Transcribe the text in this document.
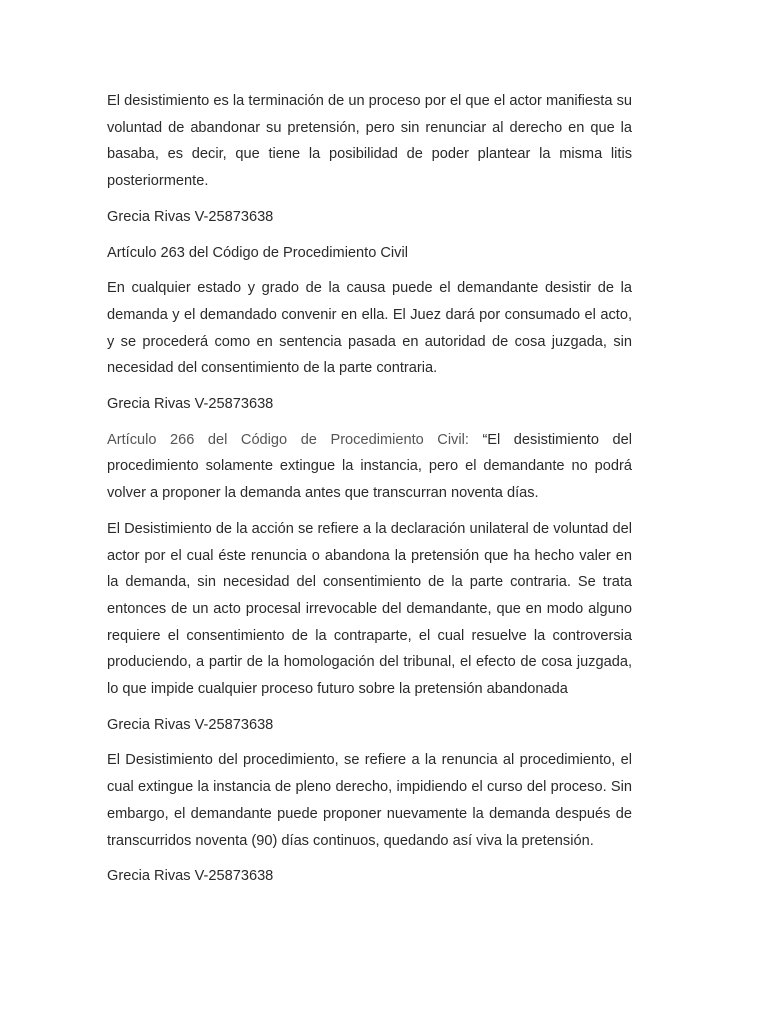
El desistimiento es la terminación de un proceso por el que el actor manifiesta su voluntad de abandonar su pretensión, pero sin renunciar al derecho en que la basaba, es decir, que tiene la posibilidad de poder plantear la misma litis posteriormente.

Grecia Rivas V-25873638
Artículo 263 del Código de Procedimiento Civil

En cualquier estado y grado de la causa puede el demandante desistir de la demanda y el demandado convenir en ella. El Juez dará por consumado el acto, y se procederá como en sentencia pasada en autoridad de cosa juzgada, sin necesidad del consentimiento de la parte contraria.

Grecia Rivas V-25873638

Artículo 266 del Código de Procedimiento Civil: “El desistimiento del procedimiento solamente extingue la instancia, pero el demandante no podrá volver a proponer la demanda antes que transcurran noventa días.

El Desistimiento de la acción se refiere a la declaración unilateral de voluntad del actor por el cual éste renuncia o abandona la pretensión que ha hecho valer en la demanda, sin necesidad del consentimiento de la parte contraria. Se trata entonces de un acto procesal irrevocable del demandante, que en modo alguno requiere el consentimiento de la contraparte, el cual resuelve la controversia produciendo, a partir de la homologación del tribunal, el efecto de cosa juzgada, lo que impide cualquier proceso futuro sobre la pretensión abandonada

Grecia Rivas V-25873638

El Desistimiento del procedimiento, se refiere a la renuncia al procedimiento, el cual extingue la instancia de pleno derecho, impidiendo el curso del proceso. Sin embargo, el demandante puede proponer nuevamente la demanda después de transcurridos noventa (90) días continuos, quedando así viva la pretensión.

Grecia Rivas V-25873638
